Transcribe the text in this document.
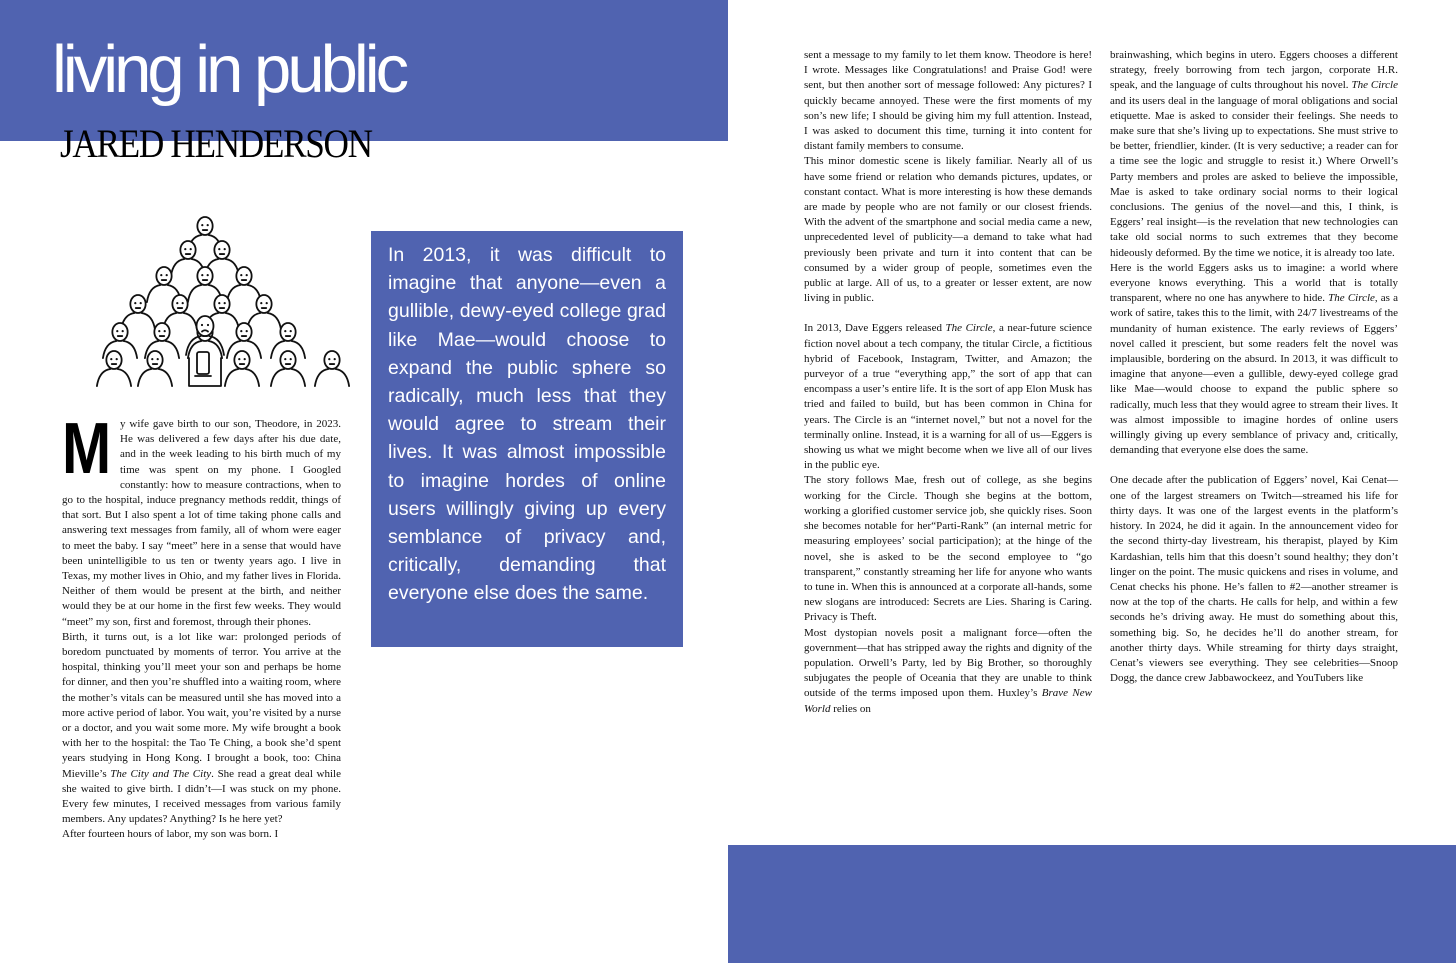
living in public
JARED HENDERSON

My wife gave birth to our son, Theodore, in 2023. He was delivered a few days after his due date, and in the week leading to his birth much of my time was spent on my phone. I Googled constantly: how to measure contractions, when to go to the hospital, induce pregnancy methods reddit, things of that sort. But I also spent a lot of time taking phone calls and answering text messages from family, all of whom were eager to meet the baby. I say “meet” here in a sense that would have been unintelligible to us ten or twenty years ago. I live in Texas, my mother lives in Ohio, and my father lives in Florida. Neither of them would be present at the birth, and neither would they be at our home in the first few weeks. They would “meet” my son, first and foremost, through their phones.

Birth, it turns out, is a lot like war: prolonged periods of boredom punctuated by moments of terror. You arrive at the hospital, thinking you’ll meet your son and perhaps be home for dinner, and then you’re shuffled into a waiting room, where the mother’s vitals can be measured until she has moved into a more active period of labor. You wait, you’re visited by a nurse or a doctor, and you wait some more. My wife brought a book with her to the hospital: the Tao Te Ching, a book she’d spent years studying in Hong Kong. I brought a book, too: China Mieville’s The City and The City. She read a great deal while she waited to give birth. I didn’t—I was stuck on my phone. Every few minutes, I received messages from various family members. Any updates? Anything? Is he here yet?

After fourteen hours of labor, my son was born. I

In 2013, it was difficult to imagine that anyone—even a gullible, dewy-eyed college grad like Mae—would choose to expand the public sphere so radically, much less that they would agree to stream their lives. It was almost impossible to imagine hordes of online users willingly giving up every semblance of privacy and, critically, demanding that everyone else does the same.

sent a message to my family to let them know. Theodore is here! I wrote. Messages like Congratulations! and Praise God! were sent, but then another sort of message followed: Any pictures? I quickly became annoyed. These were the first moments of my son’s new life; I should be giving him my full attention. Instead, I was asked to document this time, turning it into content for distant family members to consume.

This minor domestic scene is likely familiar. Nearly all of us have some friend or relation who demands pictures, updates, or constant contact. What is more interesting is how these demands are made by people who are not family or our closest friends. With the advent of the smartphone and social media came a new, unprecedented level of publicity—a demand to take what had previously been private and turn it into content that can be consumed by a wider group of people, sometimes even the public at large. All of us, to a greater or lesser extent, are now living in public.

In 2013, Dave Eggers released The Circle, a near-future science fiction novel about a tech company, the titular Circle, a fictitious hybrid of Facebook, Instagram, Twitter, and Amazon; the purveyor of a true “everything app,” the sort of app that can encompass a user’s entire life. It is the sort of app Elon Musk has tried and failed to build, but has been common in China for years. The Circle is an “internet novel,” but not a novel for the terminally online. Instead, it is a warning for all of us—Eggers is showing us what we might become when we live all of our lives in the public eye.

The story follows Mae, fresh out of college, as she begins working for the Circle. Though she begins at the bottom, working a glorified customer service job, she quickly rises. Soon she becomes notable for her“Parti-Rank” (an internal metric for measuring employees’ social participation); at the hinge of the novel, she is asked to be the second employee to “go transparent,” constantly streaming her life for anyone who wants to tune in. When this is announced at a corporate all-hands, some new slogans are introduced: Secrets are Lies. Sharing is Caring. Privacy is Theft.

Most dystopian novels posit a malignant force—often the government—that has stripped away the rights and dignity of the population. Orwell’s Party, led by Big Brother, so thoroughly subjugates the people of Oceania that they are unable to think outside of the terms imposed upon them. Huxley’s Brave New World relies on

brainwashing, which begins in utero. Eggers chooses a different strategy, freely borrowing from tech jargon, corporate H.R. speak, and the language of cults throughout his novel. The Circle and its users deal in the language of moral obligations and social etiquette. Mae is asked to consider their feelings. She needs to make sure that she’s living up to expectations. She must strive to be better, friendlier, kinder. (It is very seductive; a reader can for a time see the logic and struggle to resist it.) Where Orwell’s Party members and proles are asked to believe the impossible, Mae is asked to take ordinary social norms to their logical conclusions. The genius of the novel—and this, I think, is Eggers’ real insight—is the revelation that new technologies can take old social norms to such extremes that they become hideously deformed. By the time we notice, it is already too late.

Here is the world Eggers asks us to imagine: a world where everyone knows everything. This a world that is totally transparent, where no one has anywhere to hide. The Circle, as a work of satire, takes this to the limit, with 24/7 livestreams of the mundanity of human existence. The early reviews of Eggers’ novel called it prescient, but some readers felt the novel was implausible, bordering on the absurd. In 2013, it was difficult to imagine that anyone—even a gullible, dewy-eyed college grad like Mae—would choose to expand the public sphere so radically, much less that they would agree to stream their lives. It was almost impossible to imagine hordes of online users willingly giving up every semblance of privacy and, critically, demanding that everyone else does the same.

One decade after the publication of Eggers’ novel, Kai Cenat—one of the largest streamers on Twitch—streamed his life for thirty days. It was one of the largest events in the platform’s history. In 2024, he did it again. In the announcement video for the second thirty-day livestream, his therapist, played by Kim Kardashian, tells him that this doesn’t sound healthy; they don’t linger on the point. The music quickens and rises in volume, and Cenat checks his phone. He’s fallen to #2—another streamer is now at the top of the charts. He calls for help, and within a few seconds he’s driving away. He must do something about this, something big. So, he decides he’ll do another stream, for another thirty days. While streaming for thirty days straight, Cenat’s viewers see everything. They see celebrities—Snoop Dogg, the dance crew Jabbawockeez, and YouTubers like
